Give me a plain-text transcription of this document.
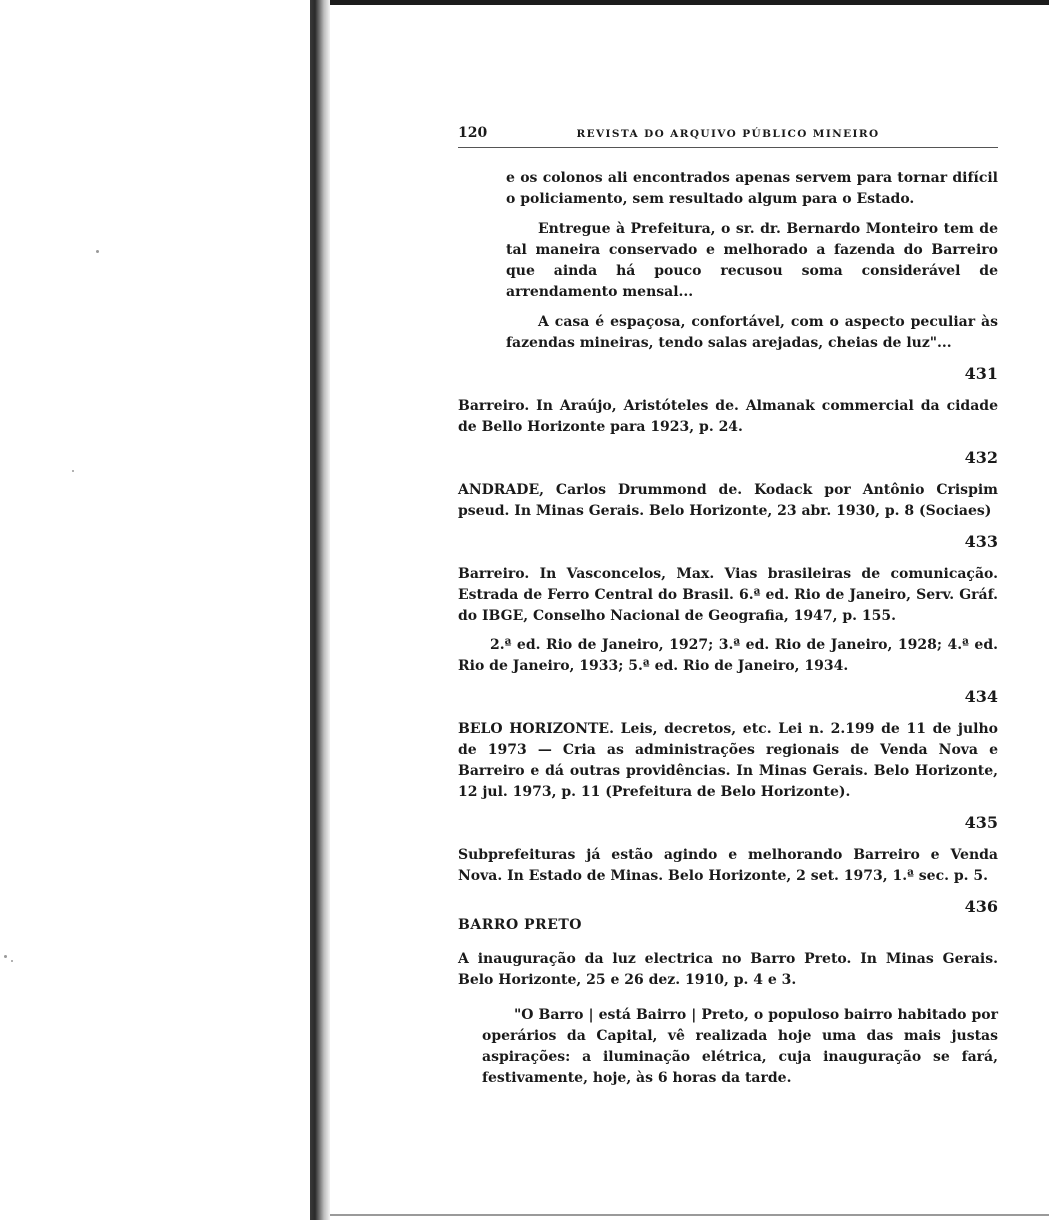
120	REVISTA DO ARQUIVO PÚBLICO MINEIRO

e os colonos ali encontrados apenas servem para tornar difícil o policiamento, sem resultado algum para o Estado.

Entregue à Prefeitura, o sr. dr. Bernardo Monteiro tem de tal maneira conservado e melhorado a fazenda do Barreiro que ainda há pouco recusou soma considerável de arrendamento mensal...

A casa é espaçosa, confortável, com o aspecto peculiar às fazendas mineiras, tendo salas arejadas, cheias de luz"...

431

Barreiro. In Araújo, Aristóteles de. Almanak commercial da cidade de Bello Horizonte para 1923, p. 24.

432

ANDRADE, Carlos Drummond de. Kodack por Antônio Crispim pseud. In Minas Gerais. Belo Horizonte, 23 abr. 1930, p. 8 (Sociaes)

433

Barreiro. In Vasconcelos, Max. Vias brasileiras de comunicação. Estrada de Ferro Central do Brasil. 6.ª ed. Rio de Janeiro, Serv. Gráf. do IBGE, Conselho Nacional de Geografia, 1947, p. 155.

2.ª ed. Rio de Janeiro, 1927; 3.ª ed. Rio de Janeiro, 1928; 4.ª ed. Rio de Janeiro, 1933; 5.ª ed. Rio de Janeiro, 1934.

434

BELO HORIZONTE. Leis, decretos, etc. Lei n. 2.199 de 11 de julho de 1973 — Cria as administrações regionais de Venda Nova e Barreiro e dá outras providências. In Minas Gerais. Belo Horizonte, 12 jul. 1973, p. 11 (Prefeitura de Belo Horizonte).

435

Subprefeituras já estão agindo e melhorando Barreiro e Venda Nova. In Estado de Minas. Belo Horizonte, 2 set. 1973, 1.ª sec. p. 5.

436
BARRO PRETO

A inauguração da luz electrica no Barro Preto. In Minas Gerais. Belo Horizonte, 25 e 26 dez. 1910, p. 4 e 3.

"O Barro | está Bairro | Preto, o populoso bairro habitado por operários da Capital, vê realizada hoje uma das mais justas aspirações: a iluminação elétrica, cuja inauguração se fará, festivamente, hoje, às 6 horas da tarde.
